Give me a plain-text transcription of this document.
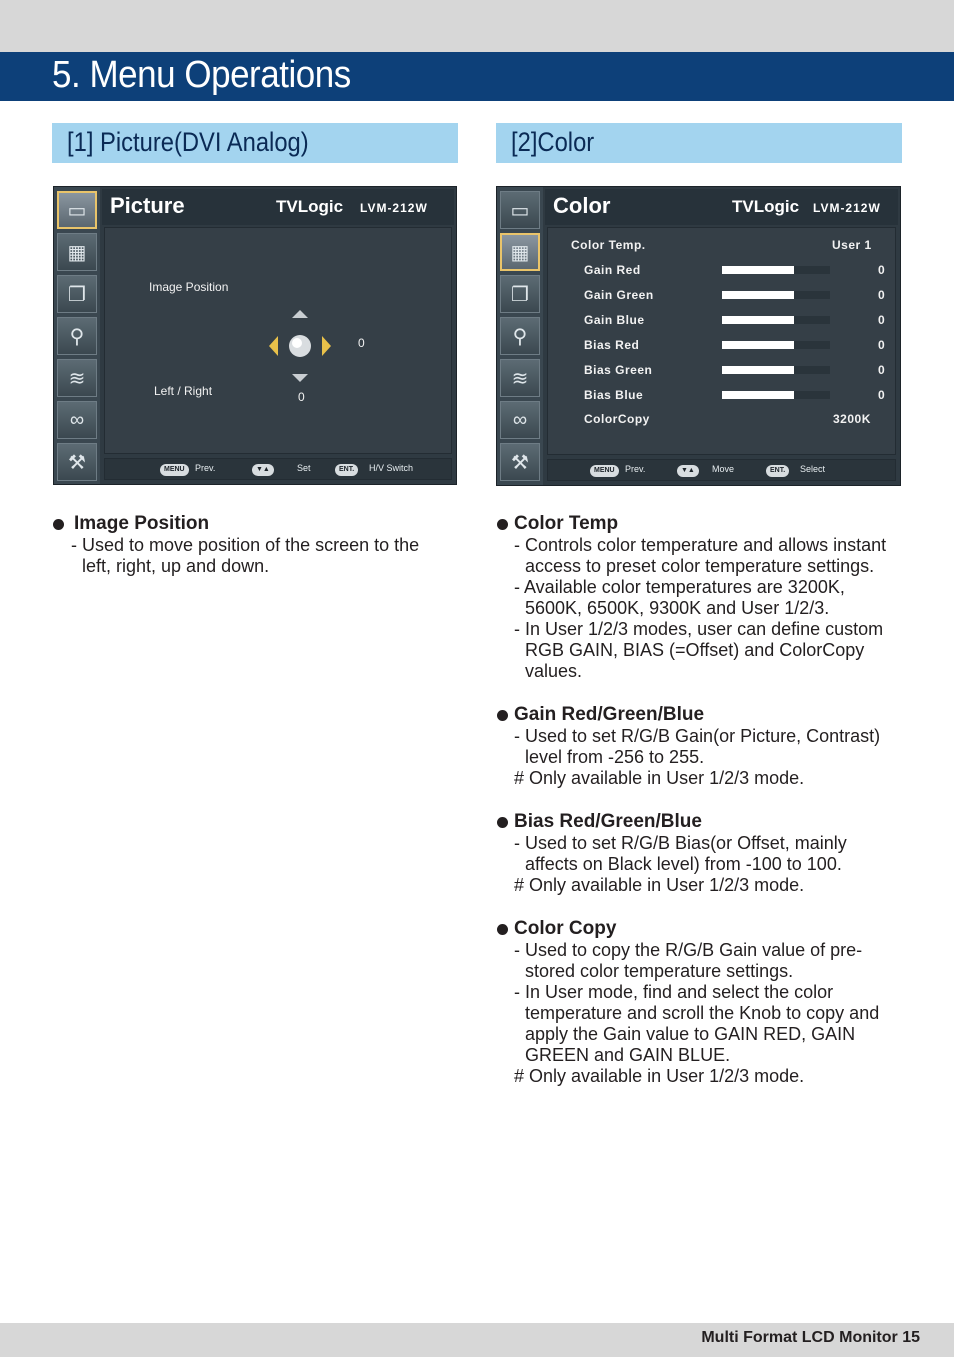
5. Menu Operations
[1] Picture(DVI Analog)	[2]Color
▭
▦
❐
⚲
≋
∞
⚒
Picture	TVLogic LVM-212W
Image Position
0
Left / Right	0
MENU	Prev.	▼▲	Set	ENT.	H/V Switch
▭
▦
❐
⚲
≋
∞
⚒
Color	TVLogic LVM-212W
Color Temp.	User 1
Gain Red	0
Gain Green	0
Gain Blue	0
Bias Red	0
Bias Green	0
Bias Blue	0
ColorCopy	3200K
MENU	Prev.	▼▲	Move	ENT.	Select
Image Position
- Used to move position of the screen to the left, right, up and down.
Color Temp
- Controls color temperature and allows instant access to preset color temperature settings.
- Available color temperatures are 3200K, 5600K, 6500K, 9300K and User 1/2/3.
- In User 1/2/3 modes, user can define custom RGB GAIN, BIAS (=Offset) and ColorCopy values.
Gain Red/Green/Blue
- Used to set R/G/B Gain(or Picture, Contrast) level from -256 to 255.
# Only available in User 1/2/3 mode.
Bias Red/Green/Blue
- Used to set R/G/B Bias(or Offset, mainly affects on Black level) from -100 to 100.
# Only available in User 1/2/3 mode.
Color Copy
- Used to copy the R/G/B Gain value of pre-stored color temperature settings.
- In User mode, find and select the color temperature and scroll the Knob to copy and apply the Gain value to GAIN RED, GAIN GREEN and GAIN BLUE.
# Only available in User 1/2/3 mode.
Multi Format LCD Monitor 15
